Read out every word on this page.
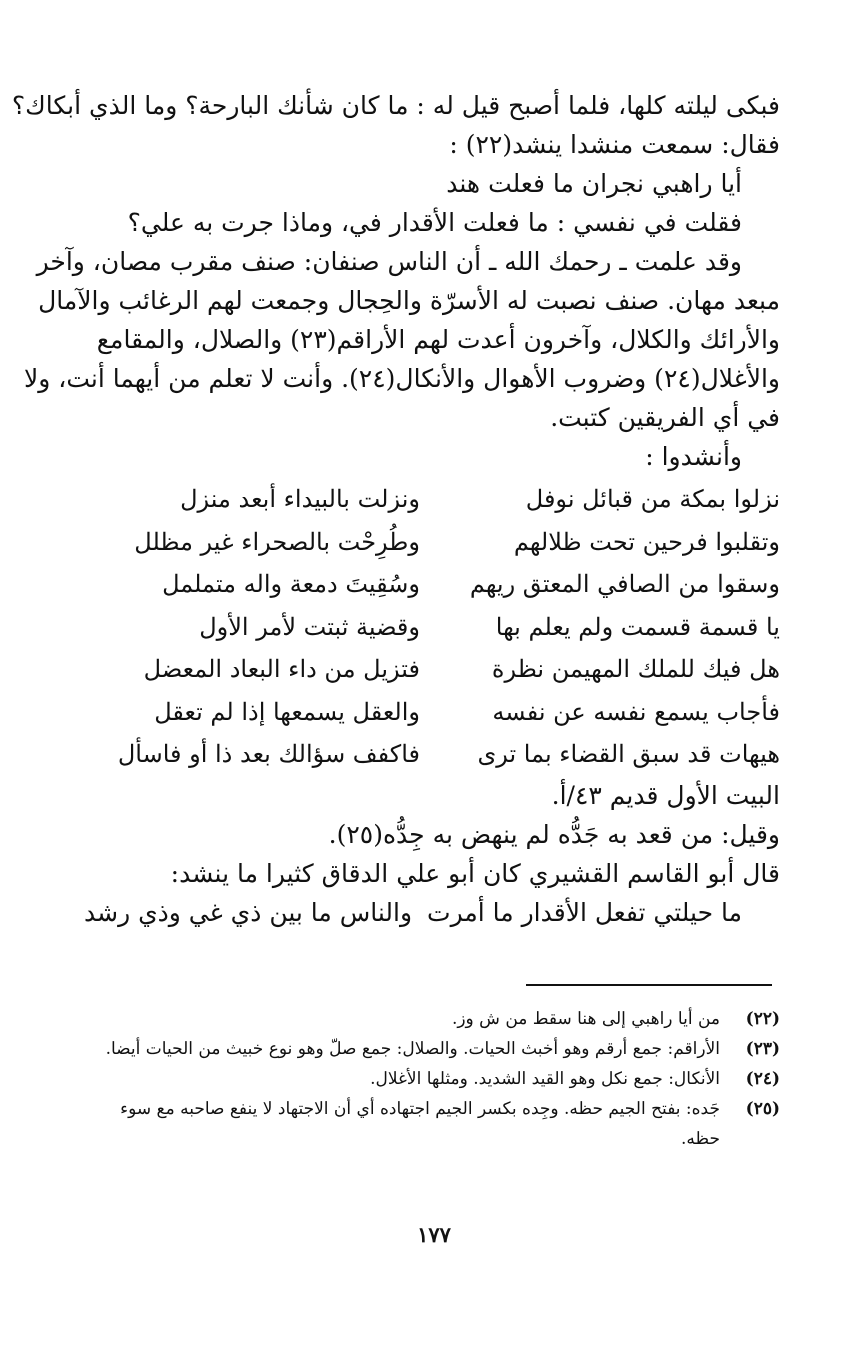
فبكى ليلته كلها، فلما أصبح قيل له : ما كان شأنك البارحة؟ وما الذي أبكاك؟
فقال: سمعت منشدا ينشد(٢٢) :
أيا راهبي نجران ما فعلت هند
فقلت في نفسي : ما فعلت الأقدار في، وماذا جرت به علي؟
وقد علمت ـ رحمك الله ـ أن الناس صنفان: صنف مقرب مصان، وآخر
مبعد مهان. صنف نصبت له الأسرّة والحِجال وجمعت لهم الرغائب والآمال
والأرائك والكلال، وآخرون أعدت لهم الأراقم(٢٣) والصلال، والمقامع
والأغلال(٢٤) وضروب الأهوال والأنكال(٢٤). وأنت لا تعلم من أيهما أنت، ولا
في أي الفريقين كتبت.
وأنشدوا :
نزلوا بمكة من قبائل نوفل
وتقلبوا فرحين تحت ظلالهم
وسقوا من الصافي المعتق ريهم
يا قسمة قسمت ولم يعلم بها
هل فيك للملك المهيمن نظرة
فأجاب يسمع نفسه عن نفسه
هيهات قد سبق القضاء بما ترى
ونزلت بالبيداء أبعد منزل
وطُرِحْت بالصحراء غير مظلل
وسُقِيتَ دمعة واله متململ
وقضية ثبتت لأمر الأول
فتزيل من داء البعاد المعضل
والعقل يسمعها إذا لم تعقل
فاكفف سؤالك بعد ذا أو فاسأل
البيت الأول قديم ٤٣/أ.
وقيل: من قعد به جَدُّه لم ينهض به جِدُّه(٢٥).
قال أبو القاسم القشيري كان أبو علي الدقاق كثيرا ما ينشد:
ما حيلتي تفعل الأقدار ما أمرت
والناس ما بين ذي غي وذي رشد
(٢٢)
من أيا راهبي إلى هنا سقط من ش وز.
(٢٣)
الأراقم: جمع أرقم وهو أخبث الحيات. والصلال: جمع صلّ وهو نوع خبيث من الحيات أيضا.
(٢٤)
الأنكال: جمع نكل وهو القيد الشديد. ومثلها الأغلال.
(٢٥)
جَده: بفتح الجيم حظه. وجِده بكسر الجيم اجتهاده أي أن الاجتهاد لا ينفع صاحبه مع سوء حظه.
١٧٧
